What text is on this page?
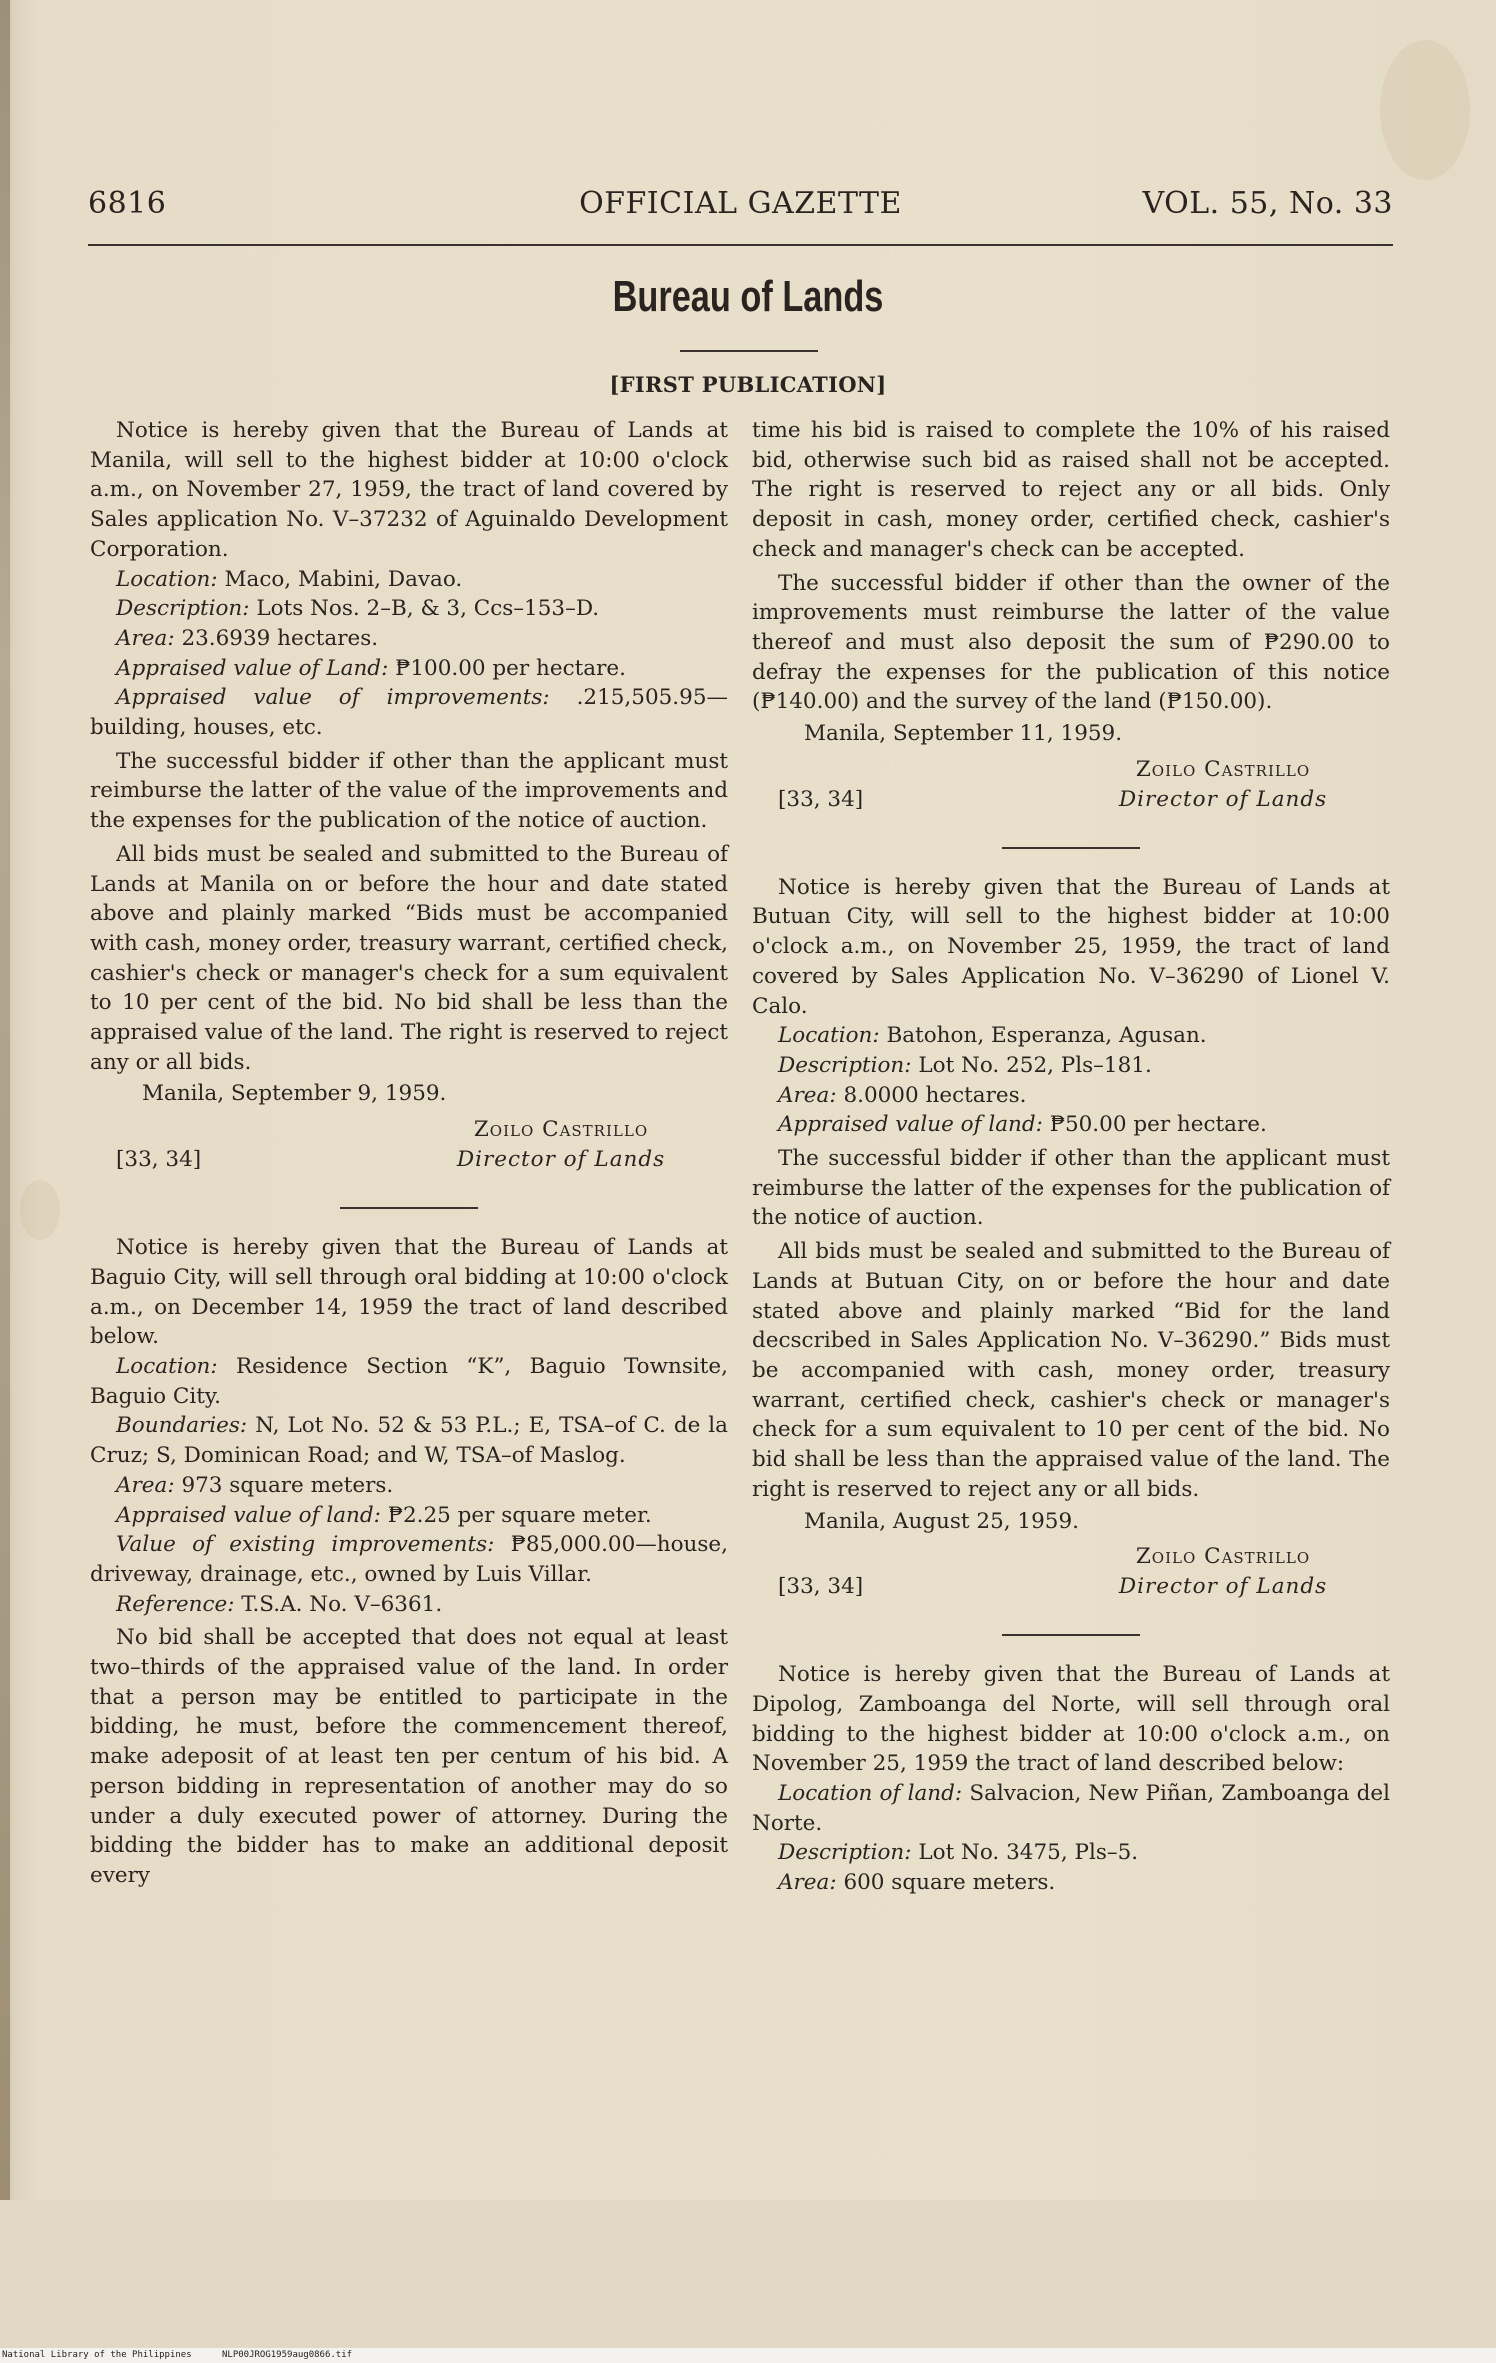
6816	OFFICIAL GAZETTE	VOL. 55, No. 33
Bureau of Lands
[FIRST PUBLICATION]

Notice is hereby given that the Bureau of Lands at Manila, will sell to the highest bidder at 10:00 o'clock a.m., on November 27, 1959, the tract of land covered by Sales application No. V–37232 of Aguinaldo Development Corporation.

Location: Maco, Mabini, Davao.

Description: Lots Nos. 2–B, & 3, Ccs–153–D.

Area: 23.6939 hectares.

Appraised value of Land: ₱100.00 per hectare.

Appraised value of improvements: .215,505.95—building, houses, etc.

The successful bidder if other than the applicant must reimburse the latter of the value of the improvements and the expenses for the publication of the notice of auction.

All bids must be sealed and submitted to the Bureau of Lands at Manila on or before the hour and date stated above and plainly marked “Bids must be accompanied with cash, money order, treasury warrant, certified check, cashier's check or manager's check for a sum equivalent to 10 per cent of the bid. No bid shall be less than the appraised value of the land. The right is reserved to reject any or all bids.

Manila, September 9, 1959.

Zoilo Castrillo
Director of Lands
[33, 34]

Notice is hereby given that the Bureau of Lands at Baguio City, will sell through oral bidding at 10:00 o'clock a.m., on December 14, 1959 the tract of land described below.

Location: Residence Section “K”, Baguio Townsite, Baguio City.

Boundaries: N, Lot No. 52 & 53 P.L.; E, TSA–of C. de la Cruz; S, Dominican Road; and W, TSA–of Maslog.

Area: 973 square meters.

Appraised value of land: ₱2.25 per square meter.

Value of existing improvements: ₱85,000.00—house, driveway, drainage, etc., owned by Luis Villar.

Reference: T.S.A. No. V–6361.

No bid shall be accepted that does not equal at least two–thirds of the appraised value of the land. In order that a person may be entitled to participate in the bidding, he must, before the commencement thereof, make adeposit of at least ten per centum of his bid. A person bidding in representation of another may do so under a duly executed power of attorney. During the bidding the bidder has to make an additional deposit every

time his bid is raised to complete the 10% of his raised bid, otherwise such bid as raised shall not be accepted. The right is reserved to reject any or all bids. Only deposit in cash, money order, certified check, cashier's check and manager's check can be accepted.

The successful bidder if other than the owner of the improvements must reimburse the latter of the value thereof and must also deposit the sum of ₱290.00 to defray the expenses for the publication of this notice (₱140.00) and the survey of the land (₱150.00).

Manila, September 11, 1959.

Zoilo Castrillo
Director of Lands
[33, 34]

Notice is hereby given that the Bureau of Lands at Butuan City, will sell to the highest bidder at 10:00 o'clock a.m., on November 25, 1959, the tract of land covered by Sales Application No. V–36290 of Lionel V. Calo.

Location: Batohon, Esperanza, Agusan.

Description: Lot No. 252, Pls–181.

Area: 8.0000 hectares.

Appraised value of land: ₱50.00 per hectare.

The successful bidder if other than the applicant must reimburse the latter of the expenses for the publication of the notice of auction.

All bids must be sealed and submitted to the Bureau of Lands at Butuan City, on or before the hour and date stated above and plainly marked “Bid for the land decscribed in Sales Application No. V–36290.” Bids must be accompanied with cash, money order, treasury warrant, certified check, cashier's check or manager's check for a sum equivalent to 10 per cent of the bid. No bid shall be less than the appraised value of the land. The right is reserved to reject any or all bids.

Manila, August 25, 1959.

Zoilo Castrillo
Director of Lands
[33, 34]

Notice is hereby given that the Bureau of Lands at Dipolog, Zamboanga del Norte, will sell through oral bidding to the highest bidder at 10:00 o'clock a.m., on November 25, 1959 the tract of land described below:

Location of land: Salvacion, New Piñan, Zamboanga del Norte.

Description: Lot No. 3475, Pls–5.

Area: 600 square meters.

National Library of the Philippines	NLP00JROG1959aug0866.tif
